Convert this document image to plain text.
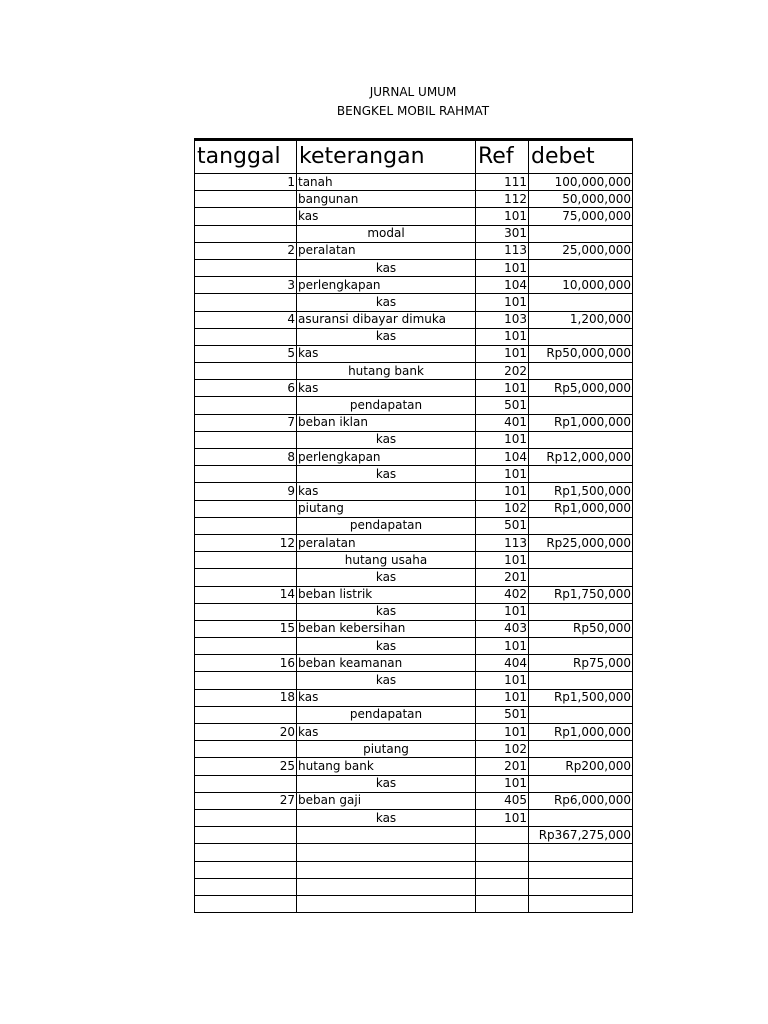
JURNAL UMUM
BENGKEL MOBIL RAHMAT
tanggal	keterangan	Ref	debet
1	tanah	111	100,000,000
	bangunan	112	50,000,000
	kas	101	75,000,000
	modal	301	
2	peralatan	113	25,000,000
	kas	101	
3	perlengkapan	104	10,000,000
	kas	101	
4	asuransi dibayar dimuka	103	1,200,000
	kas	101	
5	kas	101	Rp50,000,000
	hutang bank	202	
6	kas	101	Rp5,000,000
	pendapatan	501	
7	beban iklan	401	Rp1,000,000
	kas	101	
8	perlengkapan	104	Rp12,000,000
	kas	101	
9	kas	101	Rp1,500,000
	piutang	102	Rp1,000,000
	pendapatan	501	
12	peralatan	113	Rp25,000,000
	hutang usaha	101	
	kas	201	
14	beban listrik	402	Rp1,750,000
	kas	101	
15	beban kebersihan	403	Rp50,000
	kas	101	
16	beban keamanan	404	Rp75,000
	kas	101	
18	kas	101	Rp1,500,000
	pendapatan	501	
20	kas	101	Rp1,000,000
	piutang	102	
25	hutang bank	201	Rp200,000
	kas	101	
27	beban gaji	405	Rp6,000,000
	kas	101	
			Rp367,275,000
